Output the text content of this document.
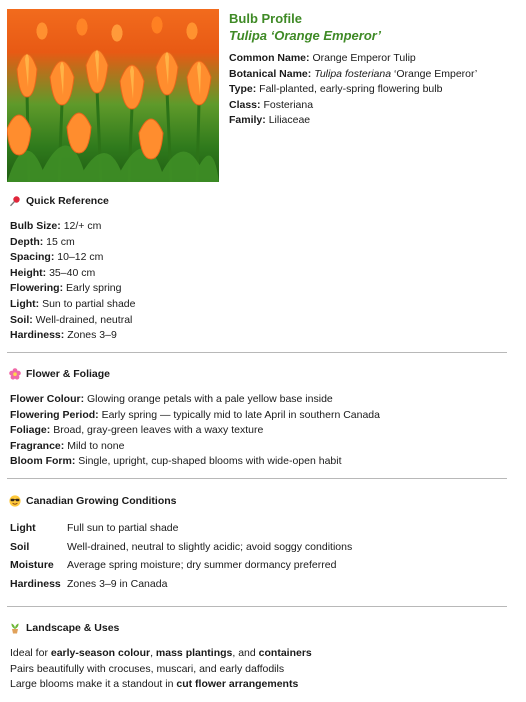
Bulb Profile
Tulipa ‘Orange Emperor’
Common Name: Orange Emperor Tulip
Botanical Name: Tulipa fosteriana ‘Orange Emperor’
Type: Fall-planted, early-spring flowering bulb
Class: Fosteriana
Family: Liliaceae
Quick Reference
Bulb Size: 12/+ cm
Depth: 15 cm
Spacing: 10–12 cm
Height: 35–40 cm
Flowering: Early spring
Light: Sun to partial shade
Soil: Well-drained, neutral
Hardiness: Zones 3–9
Flower & Foliage
Flower Colour: Glowing orange petals with a pale yellow base inside
Flowering Period: Early spring — typically mid to late April in southern Canada
Foliage: Broad, gray-green leaves with a waxy texture
Fragrance: Mild to none
Bloom Form: Single, upright, cup-shaped blooms with wide-open habit
Canadian Growing Conditions
Light	Full sun to partial shade
Soil	Well-drained, neutral to slightly acidic; avoid soggy conditions
Moisture	Average spring moisture; dry summer dormancy preferred
Hardiness Zones 3–9 in Canada
Landscape & Uses
Ideal for early-season colour, mass plantings, and containers
Pairs beautifully with crocuses, muscari, and early daffodils
Large blooms make it a standout in cut flower arrangements
